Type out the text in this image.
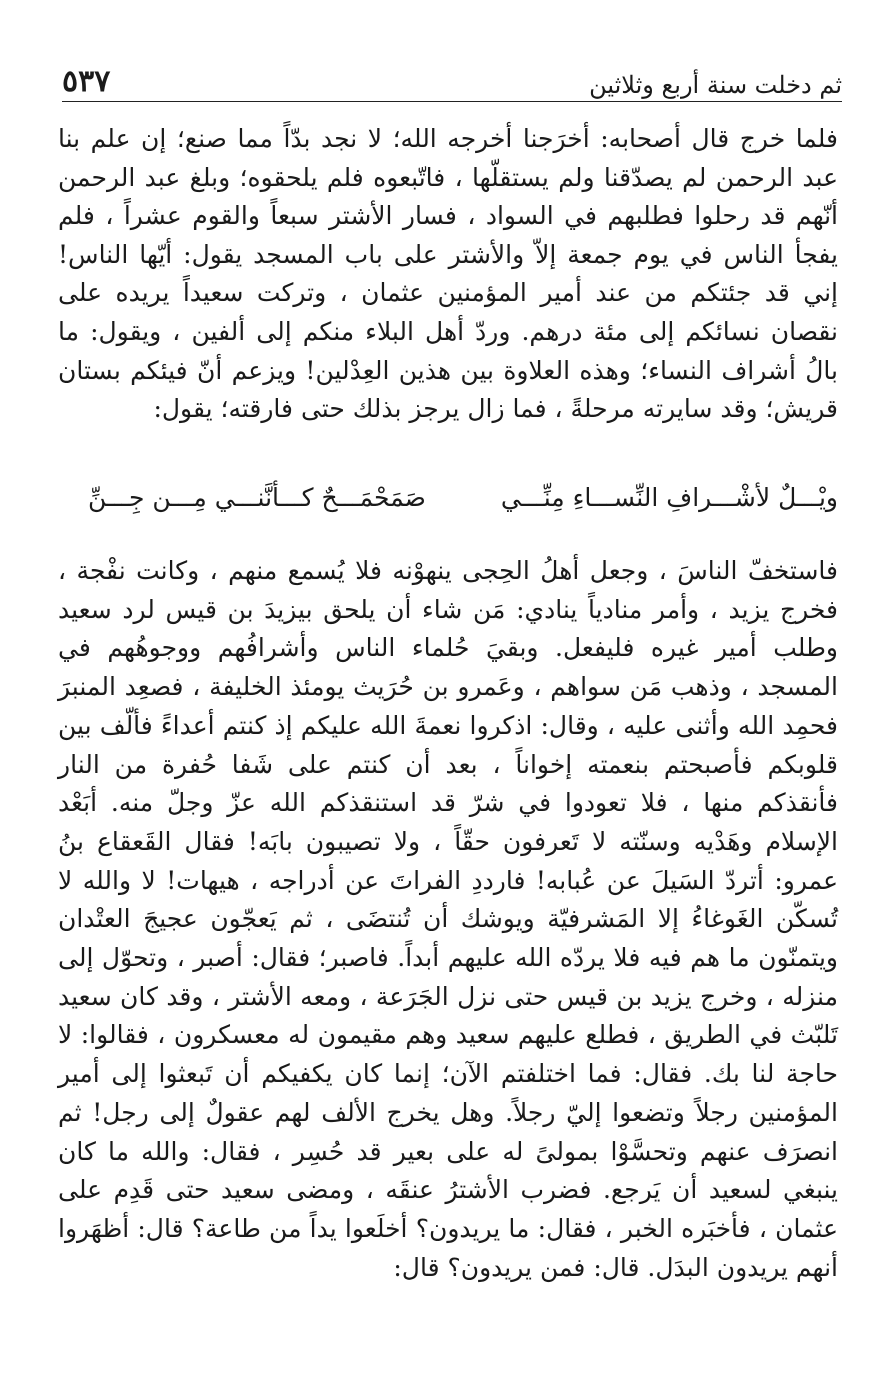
٥٣٧	ثم دخلت سنة أربع وثلاثين

فلما خرج قال أصحابه: أخرَجنا أخرجه الله؛ لا نجد بدّاً مما صنع؛ إن علم بنا عبد الرحمن لم يصدّقنا ولم يستقلّها ، فاتّبعوه فلم يلحقوه؛ وبلغ عبد الرحمن أنّهم قد رحلوا فطلبهم في السواد ، فسار الأشتر سبعاً والقوم عشراً ، فلم يفجأ الناس في يوم جمعة إلاّ والأشتر على باب المسجد يقول: أيّها الناس! إني قد جئتكم من عند أمير المؤمنين عثمان ، وتركت سعيداً يريده على نقصان نسائكم إلى مئة درهم. وردّ أهل البلاء منكم إلى ألفين ، ويقول: ما بالُ أشراف النساء؛ وهذه العلاوة بين هذين العِدْلين! ويزعم أنّ فيئكم بستان قريش؛ وقد سايرته مرحلةً ، فما زال يرجز بذلك حتى فارقته؛ يقول:

ويْـــلٌ لأشْـــرافِ النِّســـاءِ مِنِّـــي
صَمَحْمَـــحٌ كـــأنَّنـــي مِـــن جِـــنِّ

فاستخفّ الناسَ ، وجعل أهلُ الحِجى ينهوْنه فلا يُسمع منهم ، وكانت نفْجة ، فخرج يزيد ، وأمر منادياً ينادي: مَن شاء أن يلحق بيزيدَ بن قيس لرد سعيد وطلب أمير غيره فليفعل. وبقيَ حُلماء الناس وأشرافُهم ووجوهُهم في المسجد ، وذهب مَن سواهم ، وعَمرو بن حُرَيث يومئذ الخليفة ، فصعِد المنبرَ فحمِد الله وأثنى عليه ، وقال: اذكروا نعمةَ الله عليكم إذ كنتم أعداءً فألّف بين قلوبكم فأصبحتم بنعمته إخواناً ، بعد أن كنتم على شَفا حُفرة من النار فأنقذكم منها ، فلا تعودوا في شرّ قد استنقذكم الله عزّ وجلّ منه. أبَعْد الإسلام وهَدْيه وسنّته لا تَعرفون حقّاً ، ولا تصيبون بابَه! فقال القَعقاع بنُ عمرو: أتردّ السَيلَ عن عُبابه! فارددِ الفراتَ عن أدراجه ، هيهات! لا والله لا تُسكّن الغَوغاءُ إلا المَشرفيّة ويوشك أن تُنتضَى ، ثم يَعجّون عجيجَ العتْدان ويتمنّون ما هم فيه فلا يردّه الله عليهم أبداً. فاصبر؛ فقال: أصبر ، وتحوّل إلى منزله ، وخرج يزيد بن قيس حتى نزل الجَرَعة ، ومعه الأشتر ، وقد كان سعيد تَلبّث في الطريق ، فطلع عليهم سعيد وهم مقيمون له معسكرون ، فقالوا: لا حاجة لنا بك. فقال: فما اختلفتم الآن؛ إنما كان يكفيكم أن تَبعثوا إلى أمير المؤمنين رجلاً وتضعوا إليّ رجلاً. وهل يخرج الألف لهم عقولٌ إلى رجل! ثم انصرَف عنهم وتحسَّوْا بمولىً له على بعير قد حُسِر ، فقال: والله ما كان ينبغي لسعيد أن يَرجع. فضرب الأشترُ عنقَه ، ومضى سعيد حتى قَدِم على عثمان ، فأخبَره الخبر ، فقال: ما يريدون؟ أخلَعوا يداً من طاعة؟ قال: أظهَروا أنهم يريدون البدَل. قال: فمن يريدون؟ قال:
